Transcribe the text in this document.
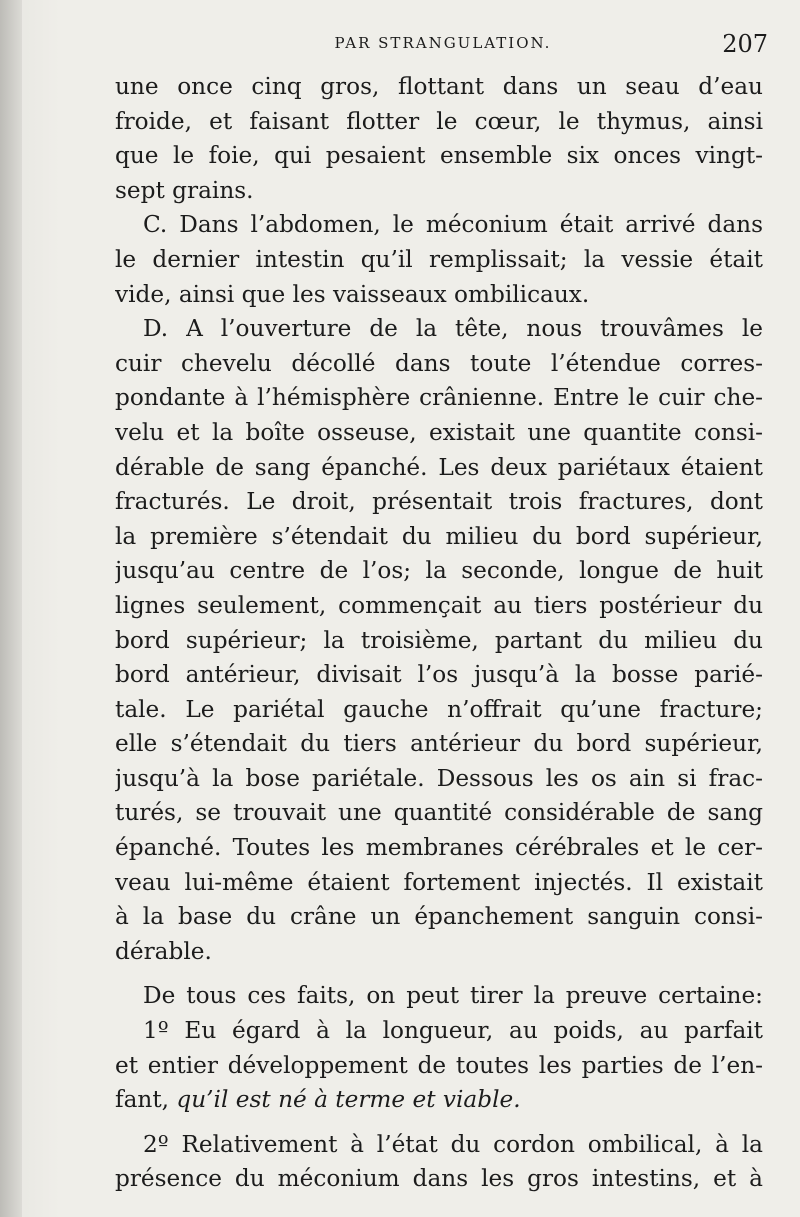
PAR STRANGULATION.	207
une once cinq gros, flottant dans un seau d’eau
froide, et faisant flotter le cœur, le thymus, ainsi
que le foie, qui pesaient ensemble six onces vingt-
sept grains.
C. Dans l’abdomen, le méconium était arrivé dans
le dernier intestin qu’il remplissait; la vessie était
vide, ainsi que les vaisseaux ombilicaux.
D. A l’ouverture de la tête, nous trouvâmes le
cuir chevelu décollé dans toute l’étendue corres-
pondante à l’hémisphère crânienne. Entre le cuir che-
velu et la boîte osseuse, existait une quantite consi-
dérable de sang épanché. Les deux pariétaux étaient
fracturés. Le droit, présentait trois fractures, dont
la première s’étendait du milieu du bord supérieur,
jusqu’au centre de l’os; la seconde, longue de huit
lignes seulement, commençait au tiers postérieur du
bord supérieur; la troisième, partant du milieu du
bord antérieur, divisait l’os jusqu’à la bosse parié-
tale. Le pariétal gauche n’offrait qu’une fracture;
elle s’étendait du tiers antérieur du bord supérieur,
jusqu’à la bose pariétale. Dessous les os ain si frac-
turés, se trouvait une quantité considérable de sang
épanché. Toutes les membranes cérébrales et le cer-
veau lui-même étaient fortement injectés. Il existait
à la base du crâne un épanchement sanguin consi-
dérable.
De tous ces faits, on peut tirer la preuve certaine:
1º Eu égard à la longueur, au poids, au parfait
et entier développement de toutes les parties de l’en-
fant, qu’il est né à terme et viable.
2º Relativement à l’état du cordon ombilical, à la
présence du méconium dans les gros intestins, et à
